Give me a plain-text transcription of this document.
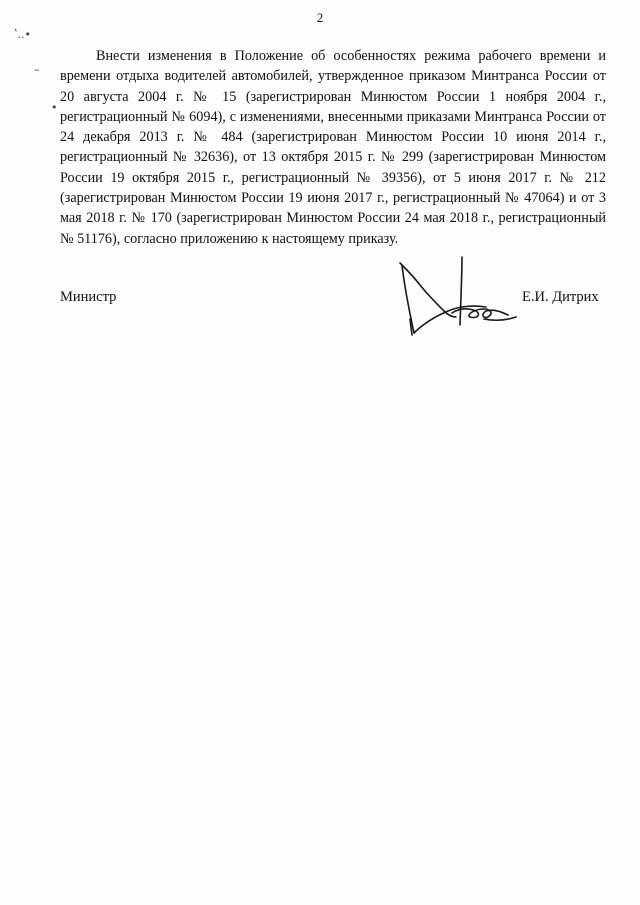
2
ʽ..•
–
•

Внести изменения в Положение об особенностях режима рабочего времени и времени отдыха водителей автомобилей, утвержденное приказом Минтранса России от 20 августа 2004 г. № 15 (зарегистрирован Минюстом России 1 ноября 2004 г., регистрационный № 6094), с изменениями, внесенными приказами Минтранса России от 24 декабря 2013 г. № 484 (зарегистрирован Минюстом России 10 июня 2014 г., регистрационный № 32636), от 13 октября 2015 г. № 299 (зарегистрирован Минюстом России 19 октября 2015 г., регистрационный № 39356), от 5 июня 2017 г. № 212 (зарегистрирован Минюстом России 19 июня 2017 г., регистрационный № 47064) и от 3 мая 2018 г. № 170 (зарегистрирован Минюстом России 24 мая 2018 г., регистрационный № 51176), согласно приложению к настоящему приказу.

Министр	Е.И. Дитрих
